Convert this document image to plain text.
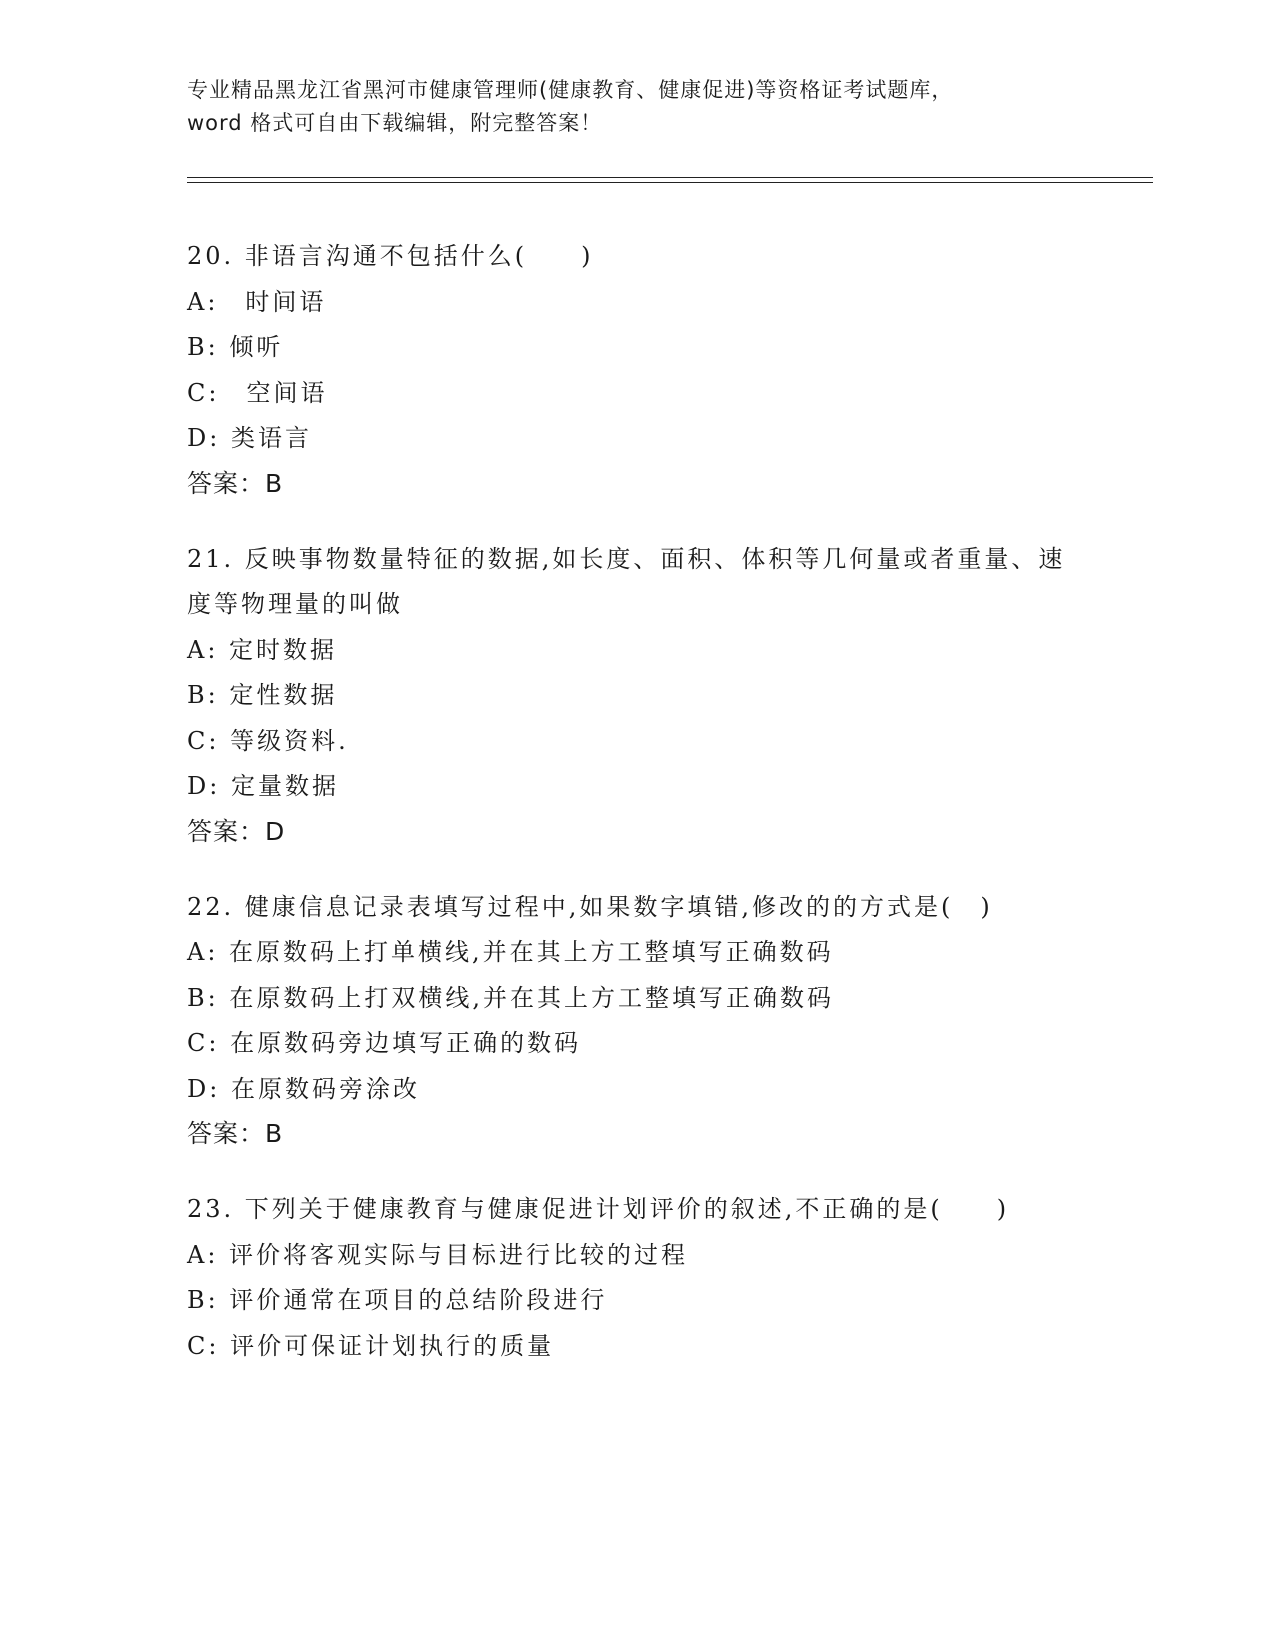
专业精品黑龙江省黑河市健康管理师(健康教育、健康促进)等资格证考试题库，
word 格式可自由下载编辑，附完整答案！
20. 非语言沟通不包括什么(　　)
A:　时间语
B: 倾听
C:　空间语
D: 类语言
答案：B
21. 反映事物数量特征的数据,如长度、面积、体积等几何量或者重量、速度等物理量的叫做
A: 定时数据
B: 定性数据
C: 等级资料.
D: 定量数据
答案：D
22. 健康信息记录表填写过程中,如果数字填错,修改的的方式是(　)
A: 在原数码上打单横线,并在其上方工整填写正确数码
B: 在原数码上打双横线,并在其上方工整填写正确数码
C: 在原数码旁边填写正确的数码
D: 在原数码旁涂改
答案：B
23. 下列关于健康教育与健康促进计划评价的叙述,不正确的是(　　)
A: 评价将客观实际与目标进行比较的过程
B: 评价通常在项目的总结阶段进行
C: 评价可保证计划执行的质量
